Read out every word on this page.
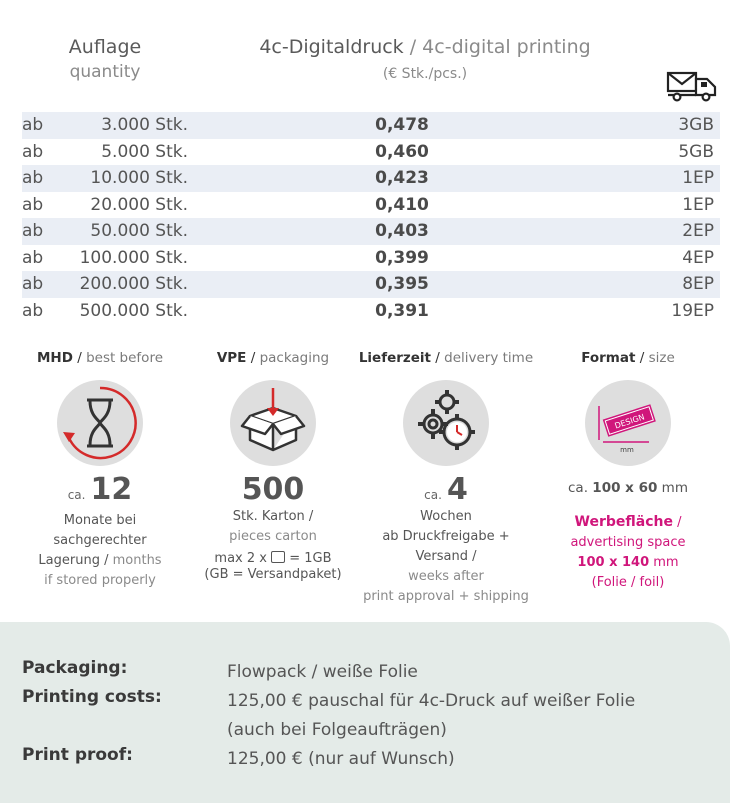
Auflage
quantity
4c-Digitaldruck / 4c-digital printing
(€ Stk./pcs.)
ab	3.000 Stk.	0,478	3GB
ab	5.000 Stk.	0,460	5GB
ab	10.000 Stk.	0,423	1EP
ab	20.000 Stk.	0,410	1EP
ab	50.000 Stk.	0,403	2EP
ab	100.000 Stk.	0,399	4EP
ab	200.000 Stk.	0,395	8EP
ab	500.000 Stk.	0,391	19EP
MHD / best before
ca. 12
Monate bei
sachgerechter
Lagerung / months
if stored properly
VPE / packaging
500
Stk. Karton /
pieces carton
max 2 x = 1GB
(GB = Versandpaket)
Lieferzeit / delivery time
ca. 4
Wochen
ab Druckfreigabe + Versand /
weeks after
print approval + shipping
Format / size
DESIGN
mm
ca. 100 x 60 mm
Werbefläche /
advertising space
100 x 140 mm
(Folie / foil)
Packaging:	Flowpack / weiße Folie
Printing costs:	125,00 € pauschal für 4c-Druck auf weißer Folie
(auch bei Folgeaufträgen)
Print proof:	125,00 € (nur auf Wunsch)
